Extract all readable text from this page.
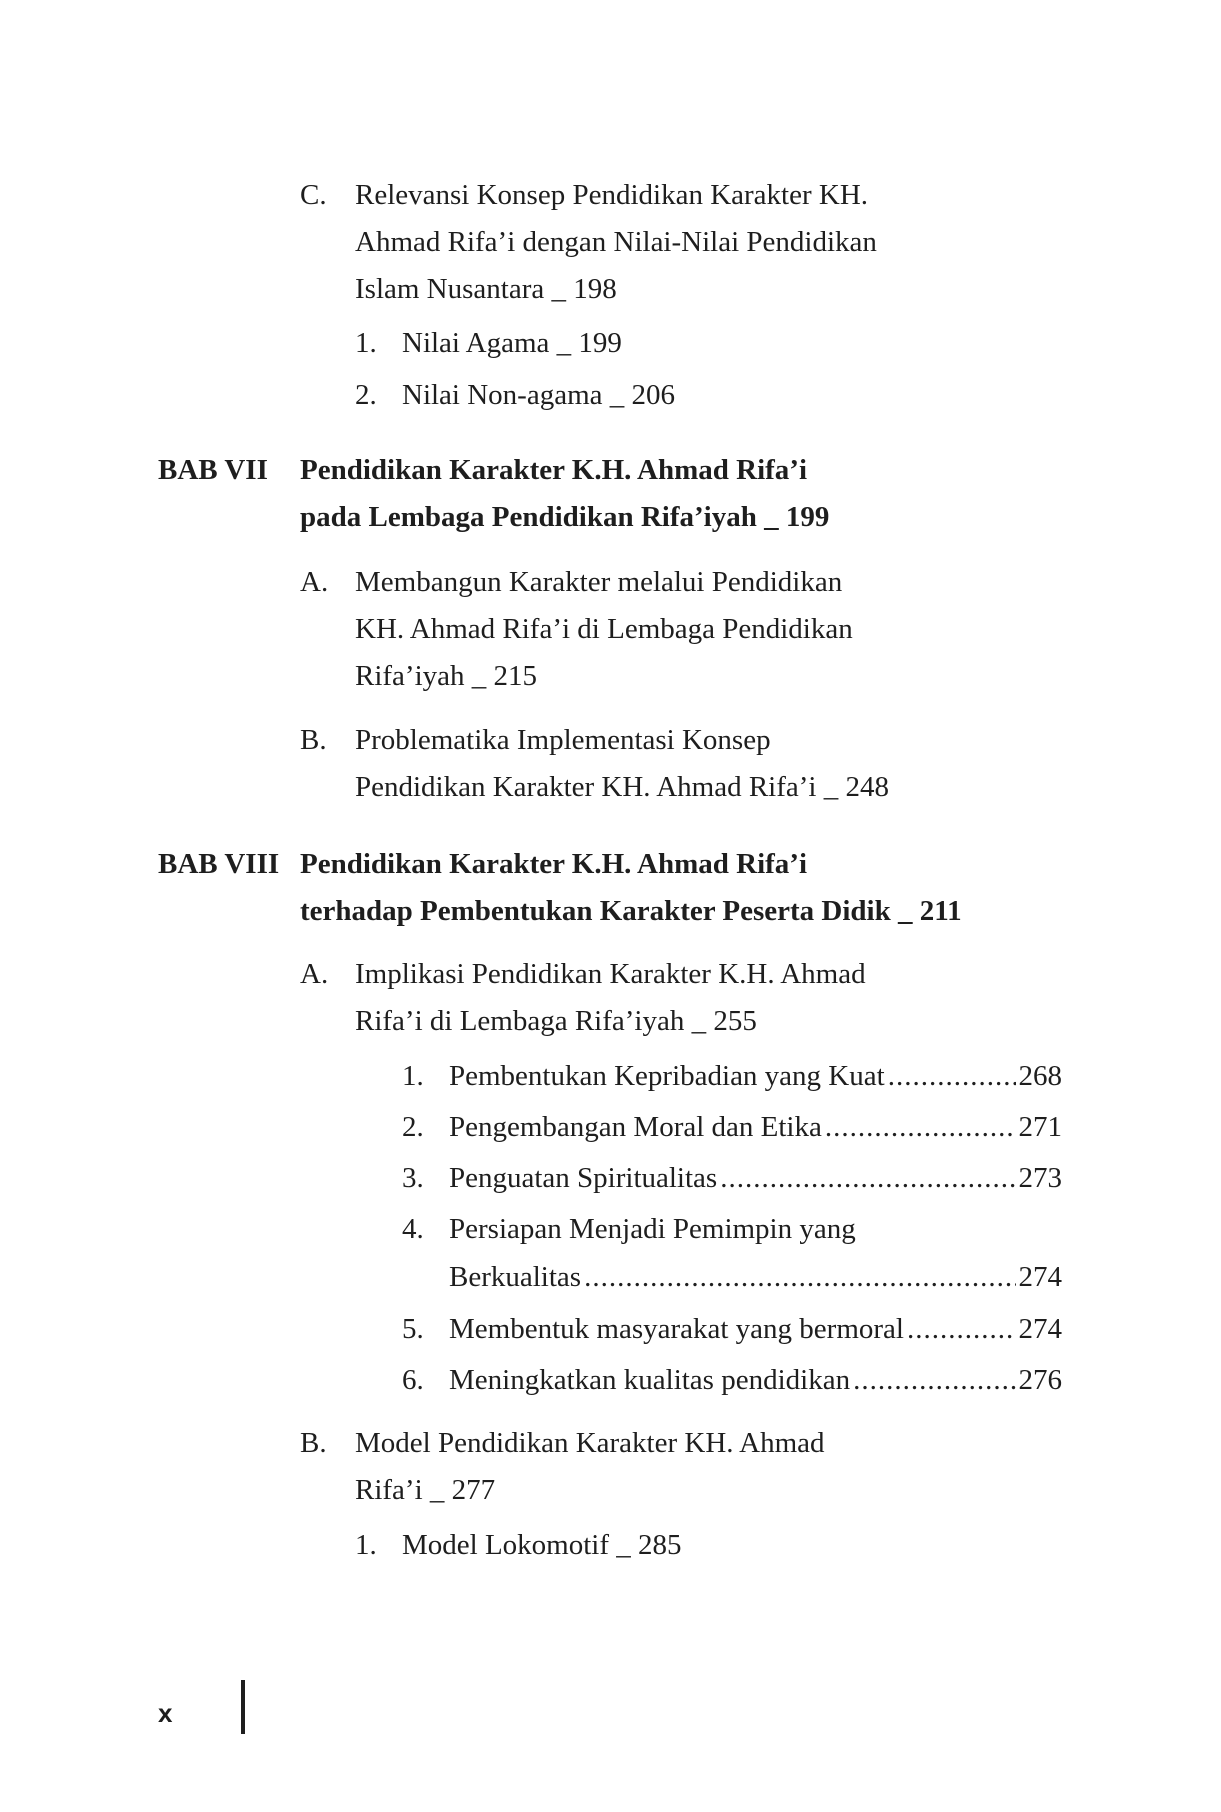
C. Relevansi Konsep Pendidikan Karakter KH.
Ahmad Rifa’i dengan Nilai-Nilai Pendidikan
Islam Nusantara _ 198
1. Nilai Agama _ 199
2. Nilai Non-agama _ 206
BAB VII Pendidikan Karakter K.H. Ahmad Rifa’i
pada Lembaga Pendidikan Rifa’iyah _ 199
A. Membangun Karakter melalui Pendidikan
KH. Ahmad Rifa’i di Lembaga Pendidikan
Rifa’iyah _ 215
B. Problematika Implementasi Konsep
Pendidikan Karakter KH. Ahmad Rifa’i _ 248
BAB VIII Pendidikan Karakter K.H. Ahmad Rifa’i
terhadap Pembentukan Karakter Peserta Didik _ 211
A. Implikasi Pendidikan Karakter K.H. Ahmad
Rifa’i di Lembaga Rifa’iyah _ 255
1. Pembentukan Kepribadian yang Kuat .....	268
2. Pengembangan Moral dan Etika .....	271
3. Penguatan Spiritualitas .....	273
4. Persiapan Menjadi Pemimpin yang
Berkualitas .....	274
5. Membentuk masyarakat yang bermoral .....	274
6. Meningkatkan kualitas pendidikan .....	276
B. Model Pendidikan Karakter KH. Ahmad
Rifa’i _ 277
1. Model Lokomotif _ 285
x
